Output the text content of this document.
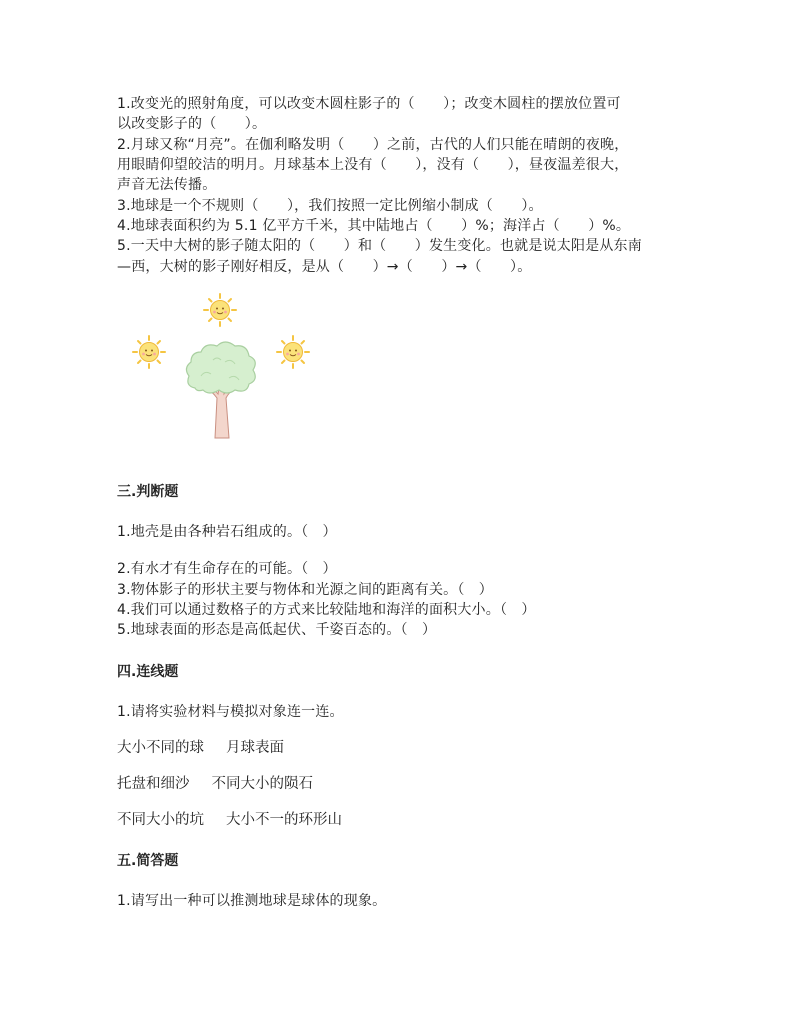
1.改变光的照射角度，可以改变木圆柱影子的（　　）；改变木圆柱的摆放位置可
以改变影子的（　　）。
2.月球又称“月亮”。在伽利略发明（　　）之前，古代的人们只能在晴朗的夜晚，
用眼睛仰望皎洁的明月。月球基本上没有（　　），没有（　　），昼夜温差很大，
声音无法传播。
3.地球是一个不规则（　　），我们按照一定比例缩小制成（　　）。
4.地球表面积约为 5.1 亿平方千米，其中陆地占（　　）%；海洋占（　　）%。
5.一天中大树的影子随太阳的（　　）和（　　）发生变化。也就是说太阳是从东南
—西，大树的影子刚好相反，是从（　　）→（　　）→（　　）。
三.判断题
1.地壳是由各种岩石组成的。（　）
2.有水才有生命存在的可能。（　）
3.物体影子的形状主要与物体和光源之间的距离有关。（　）
4.我们可以通过数格子的方式来比较陆地和海洋的面积大小。（　）
5.地球表面的形态是高低起伏、千姿百态的。（　）
四.连线题
1.请将实验材料与模拟对象连一连。
大小不同的球 月球表面
托盘和细沙 不同大小的陨石
不同大小的坑 大小不一的环形山
五.简答题
1.请写出一种可以推测地球是球体的现象。
